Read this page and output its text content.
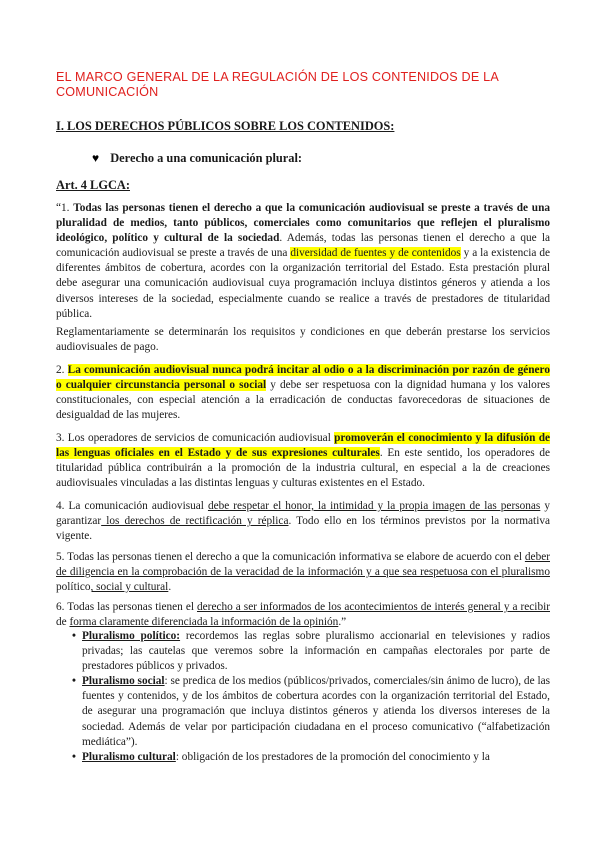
EL MARCO GENERAL DE LA REGULACIÓN DE LOS CONTENIDOS DE LA COMUNICACIÓN
I. LOS DERECHOS PÚBLICOS SOBRE LOS CONTENIDOS:
♥ Derecho a una comunicación plural:
Art. 4 LGCA:
“1. Todas las personas tienen el derecho a que la comunicación audiovisual se preste a través de una pluralidad de medios, tanto públicos, comerciales como comunitarios que reflejen el pluralismo ideológico, político y cultural de la sociedad. Además, todas las personas tienen el derecho a que la comunicación audiovisual se preste a través de una diversidad de fuentes y de contenidos y a la existencia de diferentes ámbitos de cobertura, acordes con la organización territorial del Estado. Esta prestación plural debe asegurar una comunicación audiovisual cuya programación incluya distintos géneros y atienda a los diversos intereses de la sociedad, especialmente cuando se realice a través de prestadores de titularidad pública.
Reglamentariamente se determinarán los requisitos y condiciones en que deberán prestarse los servicios audiovisuales de pago.
2. La comunicación audiovisual nunca podrá incitar al odio o a la discriminación por razón de género o cualquier circunstancia personal o social y debe ser respetuosa con la dignidad humana y los valores constitucionales, con especial atención a la erradicación de conductas favorecedoras de situaciones de desigualdad de las mujeres.
3. Los operadores de servicios de comunicación audiovisual promoverán el conocimiento y la difusión de las lenguas oficiales en el Estado y de sus expresiones culturales. En este sentido, los operadores de titularidad pública contribuirán a la promoción de la industria cultural, en especial a la de creaciones audiovisuales vinculadas a las distintas lenguas y culturas existentes en el Estado.
4. La comunicación audiovisual debe respetar el honor, la intimidad y la propia imagen de las personas y garantizar los derechos de rectificación y réplica. Todo ello en los términos previstos por la normativa vigente.
5. Todas las personas tienen el derecho a que la comunicación informativa se elabore de acuerdo con el deber de diligencia en la comprobación de la veracidad de la información y a que sea respetuosa con el pluralismo político, social y cultural.
6. Todas las personas tienen el derecho a ser informados de los acontecimientos de interés general y a recibir de forma claramente diferenciada la información de la opinión.”
• Pluralismo político: recordemos las reglas sobre pluralismo accionarial en televisiones y radios privadas; las cautelas que veremos sobre la información en campañas electorales por parte de prestadores públicos y privados.
• Pluralismo social: se predica de los medios (públicos/privados, comerciales/sin ánimo de lucro), de las fuentes y contenidos, y de los ámbitos de cobertura acordes con la organización territorial del Estado, de asegurar una programación que incluya distintos géneros y atienda los diversos intereses de la sociedad. Además de velar por participación ciudadana en el proceso comunicativo (“alfabetización mediática”).
• Pluralismo cultural: obligación de los prestadores de la promoción del conocimiento y la
